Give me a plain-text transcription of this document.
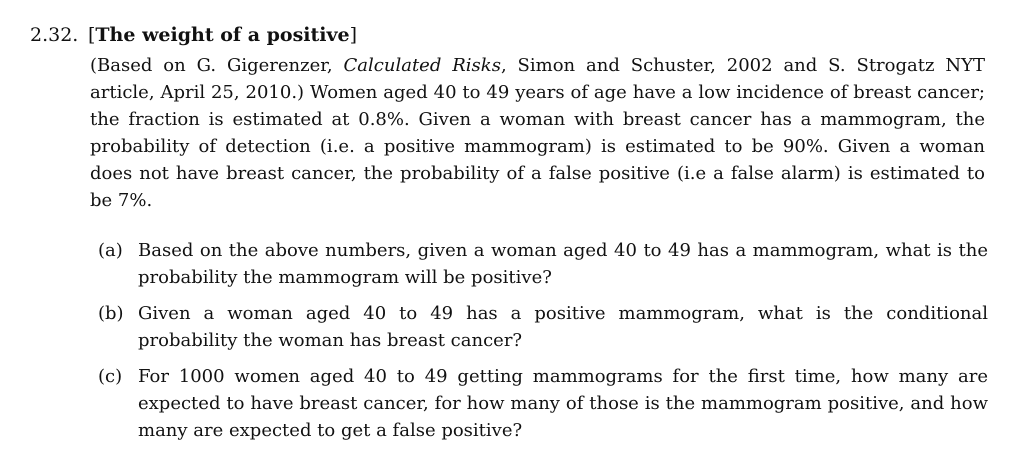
2.32. [The weight of a positive]
(Based on G. Gigerenzer, Calculated Risks, Simon and Schuster, 2002 and S. Strogatz NYT article, April 25, 2010.) Women aged 40 to 49 years of age have a low incidence of breast cancer; the fraction is estimated at 0.8%. Given a woman with breast cancer has a mammogram, the probability of detection (i.e. a positive mammogram) is estimated to be 90%. Given a woman does not have breast cancer, the probability of a false positive (i.e a false alarm) is estimated to be 7%.
(a) Based on the above numbers, given a woman aged 40 to 49 has a mammogram, what is the probability the mammogram will be positive?
(b) Given a woman aged 40 to 49 has a positive mammogram, what is the conditional probability the woman has breast cancer?
(c) For 1000 women aged 40 to 49 getting mammograms for the first time, how many are expected to have breast cancer, for how many of those is the mammogram positive, and how many are expected to get a false positive?
